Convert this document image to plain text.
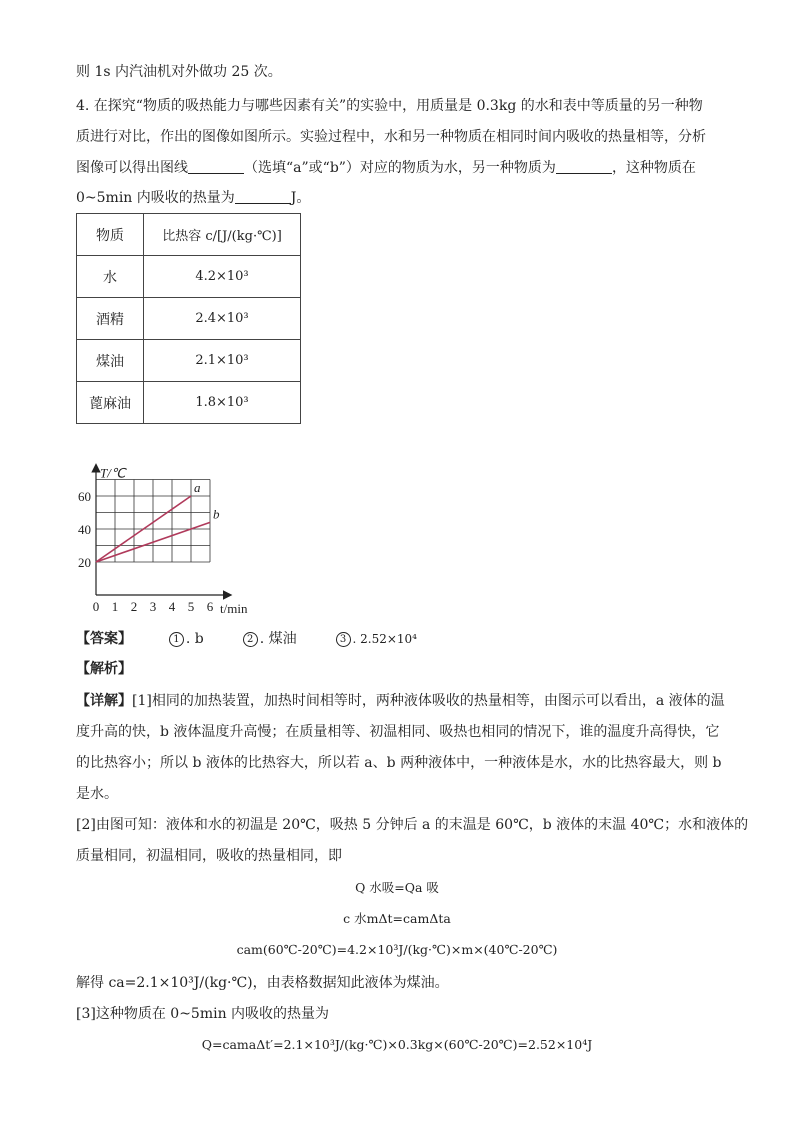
则 1s 内汽油机对外做功 25 次。
4. 在探究“物质的吸热能力与哪些因素有关”的实验中，用质量是 0.3kg 的水和表中等质量的另一种物
质进行对比，作出的图像如图所示。实验过程中，水和另一种物质在相同时间内吸收的热量相等，分析
图像可以得出图线	（选填“a”或“b”）对应的物质为水，另一种物质为	，这种物质在
0~5min 内吸收的热量为	J。
物质	比热容 c/[J/(kg·℃)]
水	4.2×10³
酒精	2.4×10³
煤油	2.1×10³
蓖麻油	1.8×10³
0 1 2 3 4 5 6
20
40
60
a
b
T/℃
t/min
【答案】	1 . b	2 . 煤油	3 . 2.52×10⁴
【解析】
【详解】[1]相同的加热装置，加热时间相等时，两种液体吸收的热量相等，由图示可以看出，a 液体的温
度升高的快，b 液体温度升高慢；在质量相等、初温相同、吸热也相同的情况下，谁的温度升高得快，它
的比热容小；所以 b 液体的比热容大，所以若 a、b 两种液体中，一种液体是水，水的比热容最大，则 b
是水。
[2]由图可知：液体和水的初温是 20℃，吸热 5 分钟后 a 的末温是 60℃，b 液体的末温 40℃；水和液体的
质量相同，初温相同，吸收的热量相同，即
Q 水吸=Qa 吸
c 水mΔt=camΔta
cam(60℃-20℃)=4.2×10³J/(kg·℃)×m×(40℃-20℃)
解得 ca=2.1×10³J/(kg·℃)，由表格数据知此液体为煤油。
[3]这种物质在 0~5min 内吸收的热量为
Q=camaΔt′=2.1×10³J/(kg·℃)×0.3kg×(60℃-20℃)=2.52×10⁴J
